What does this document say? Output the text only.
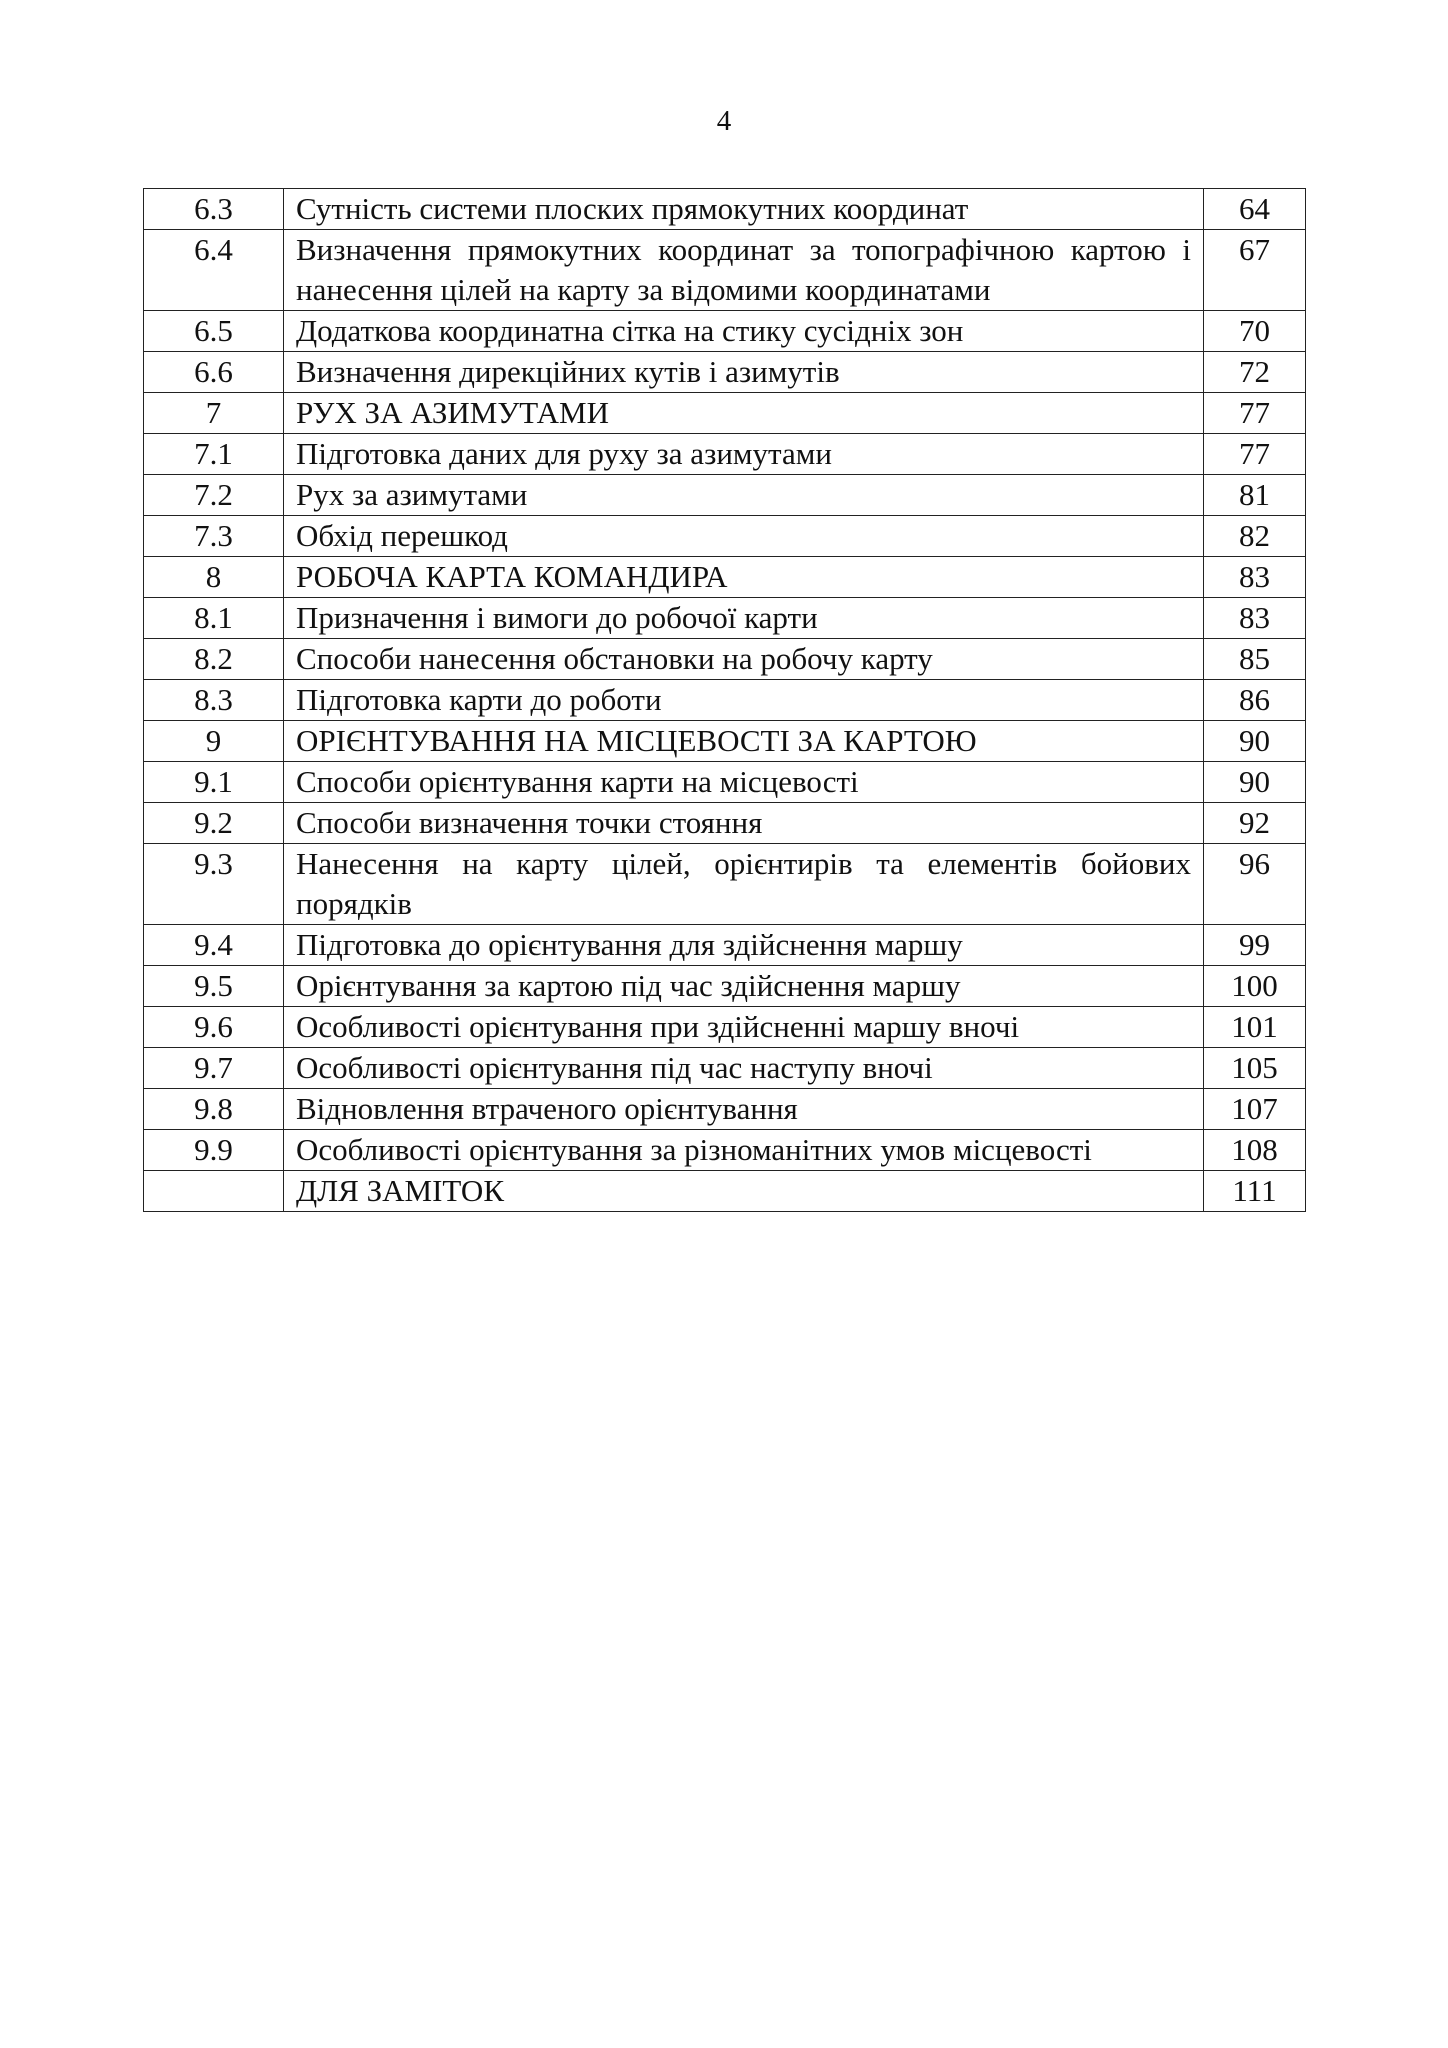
4
6.3	Сутність системи плоских прямокутних координат	64
6.4	Визначення прямокутних координат за топографічною картою і нанесення цілей на карту за відомими координатами	67
6.5	Додаткова координатна сітка на стику сусідніх зон	70
6.6	Визначення дирекційних кутів і азимутів	72
7	РУХ ЗА АЗИМУТАМИ	77
7.1	Підготовка даних для руху за азимутами	77
7.2	Рух за азимутами	81
7.3	Обхід перешкод	82
8	РОБОЧА КАРТА КОМАНДИРА	83
8.1	Призначення і вимоги до робочої карти	83
8.2	Способи нанесення обстановки на робочу карту	85
8.3	Підготовка карти до роботи	86
9	ОРІЄНТУВАННЯ НА МІСЦЕВОСТІ ЗА КАРТОЮ	90
9.1	Способи орієнтування карти на місцевості	90
9.2	Способи визначення точки стояння	92
9.3	Нанесення на карту цілей, орієнтирів та елементів бойових порядків	96
9.4	Підготовка до орієнтування для здійснення маршу	99
9.5	Орієнтування за картою під час здійснення маршу	100
9.6	Особливості орієнтування при здійсненні маршу вночі	101
9.7	Особливості орієнтування під час наступу вночі	105
9.8	Відновлення втраченого орієнтування	107
9.9	Особливості орієнтування за різноманітних умов місцевості	108
	ДЛЯ ЗАМІТОК	111
